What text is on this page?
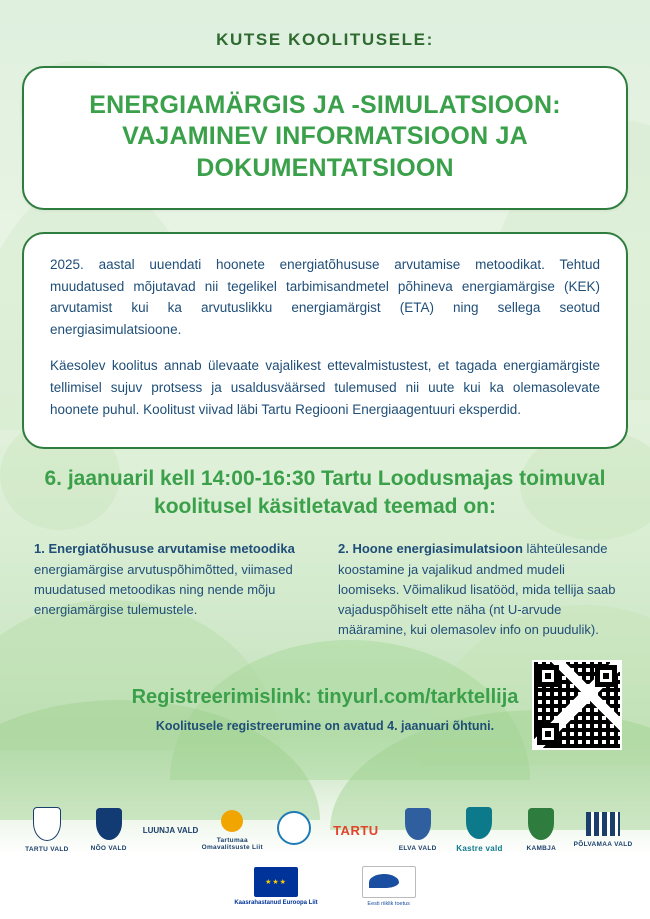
KUTSE KOOLITUSELE:
ENERGIAMÄRGIS JA -SIMULATSIOON: VAJAMINEV INFORMATSIOON JA DOKUMENTATSIOON

2025. aastal uuendati hoonete energiatõhususe arvutamise metoodikat. Tehtud muudatused mõjutavad nii tegelikel tarbimisandmetel põhineva energiamärgise (KEK) arvutamist kui ka arvutuslikku energiamärgist (ETA) ning sellega seotud energiasimulatsioone.

Käesolev koolitus annab ülevaate vajalikest ettevalmistustest, et tagada energiamärgiste tellimisel sujuv protsess ja usaldusväärsed tulemused nii uute kui ka olemasolevate hoonete puhul. Koolitust viivad läbi Tartu Regiooni Energiaagentuuri eksperdid.

6. jaanuaril kell 14:00-16:30 Tartu Loodusmajas toimuval koolitusel käsitletavad teemad on:
1. Energiatõhususe arvutamise metoodika energiamärgise arvutuspõhimõtted, viimased muudatused metoodikas ning nende mõju energiamärgise tulemustele.
2. Hoone energiasimulatsioon lähteülesande koostamine ja vajalikud andmed mudeli loomiseks. Võimalikud lisatööd, mida tellija saab vajaduspõhiselt ette näha (nt U-arvude määramine, kui olemasolev info on puudulik).
Registreerimislink: tinyurl.com/tarktellija
Koolitusele registreerumine on avatud 4. jaanuari õhtuni.
TARTU VALD	NÕO VALD
LUUNJA VALD
Tartumaa Omavalitsuste Liit
TARTU
ELVA VALD Kastre vald	KAMBJA
PÕLVAMAA VALD
★★★
Kaasrahastanud Euroopa Liit	Eesti riiklik toetus
